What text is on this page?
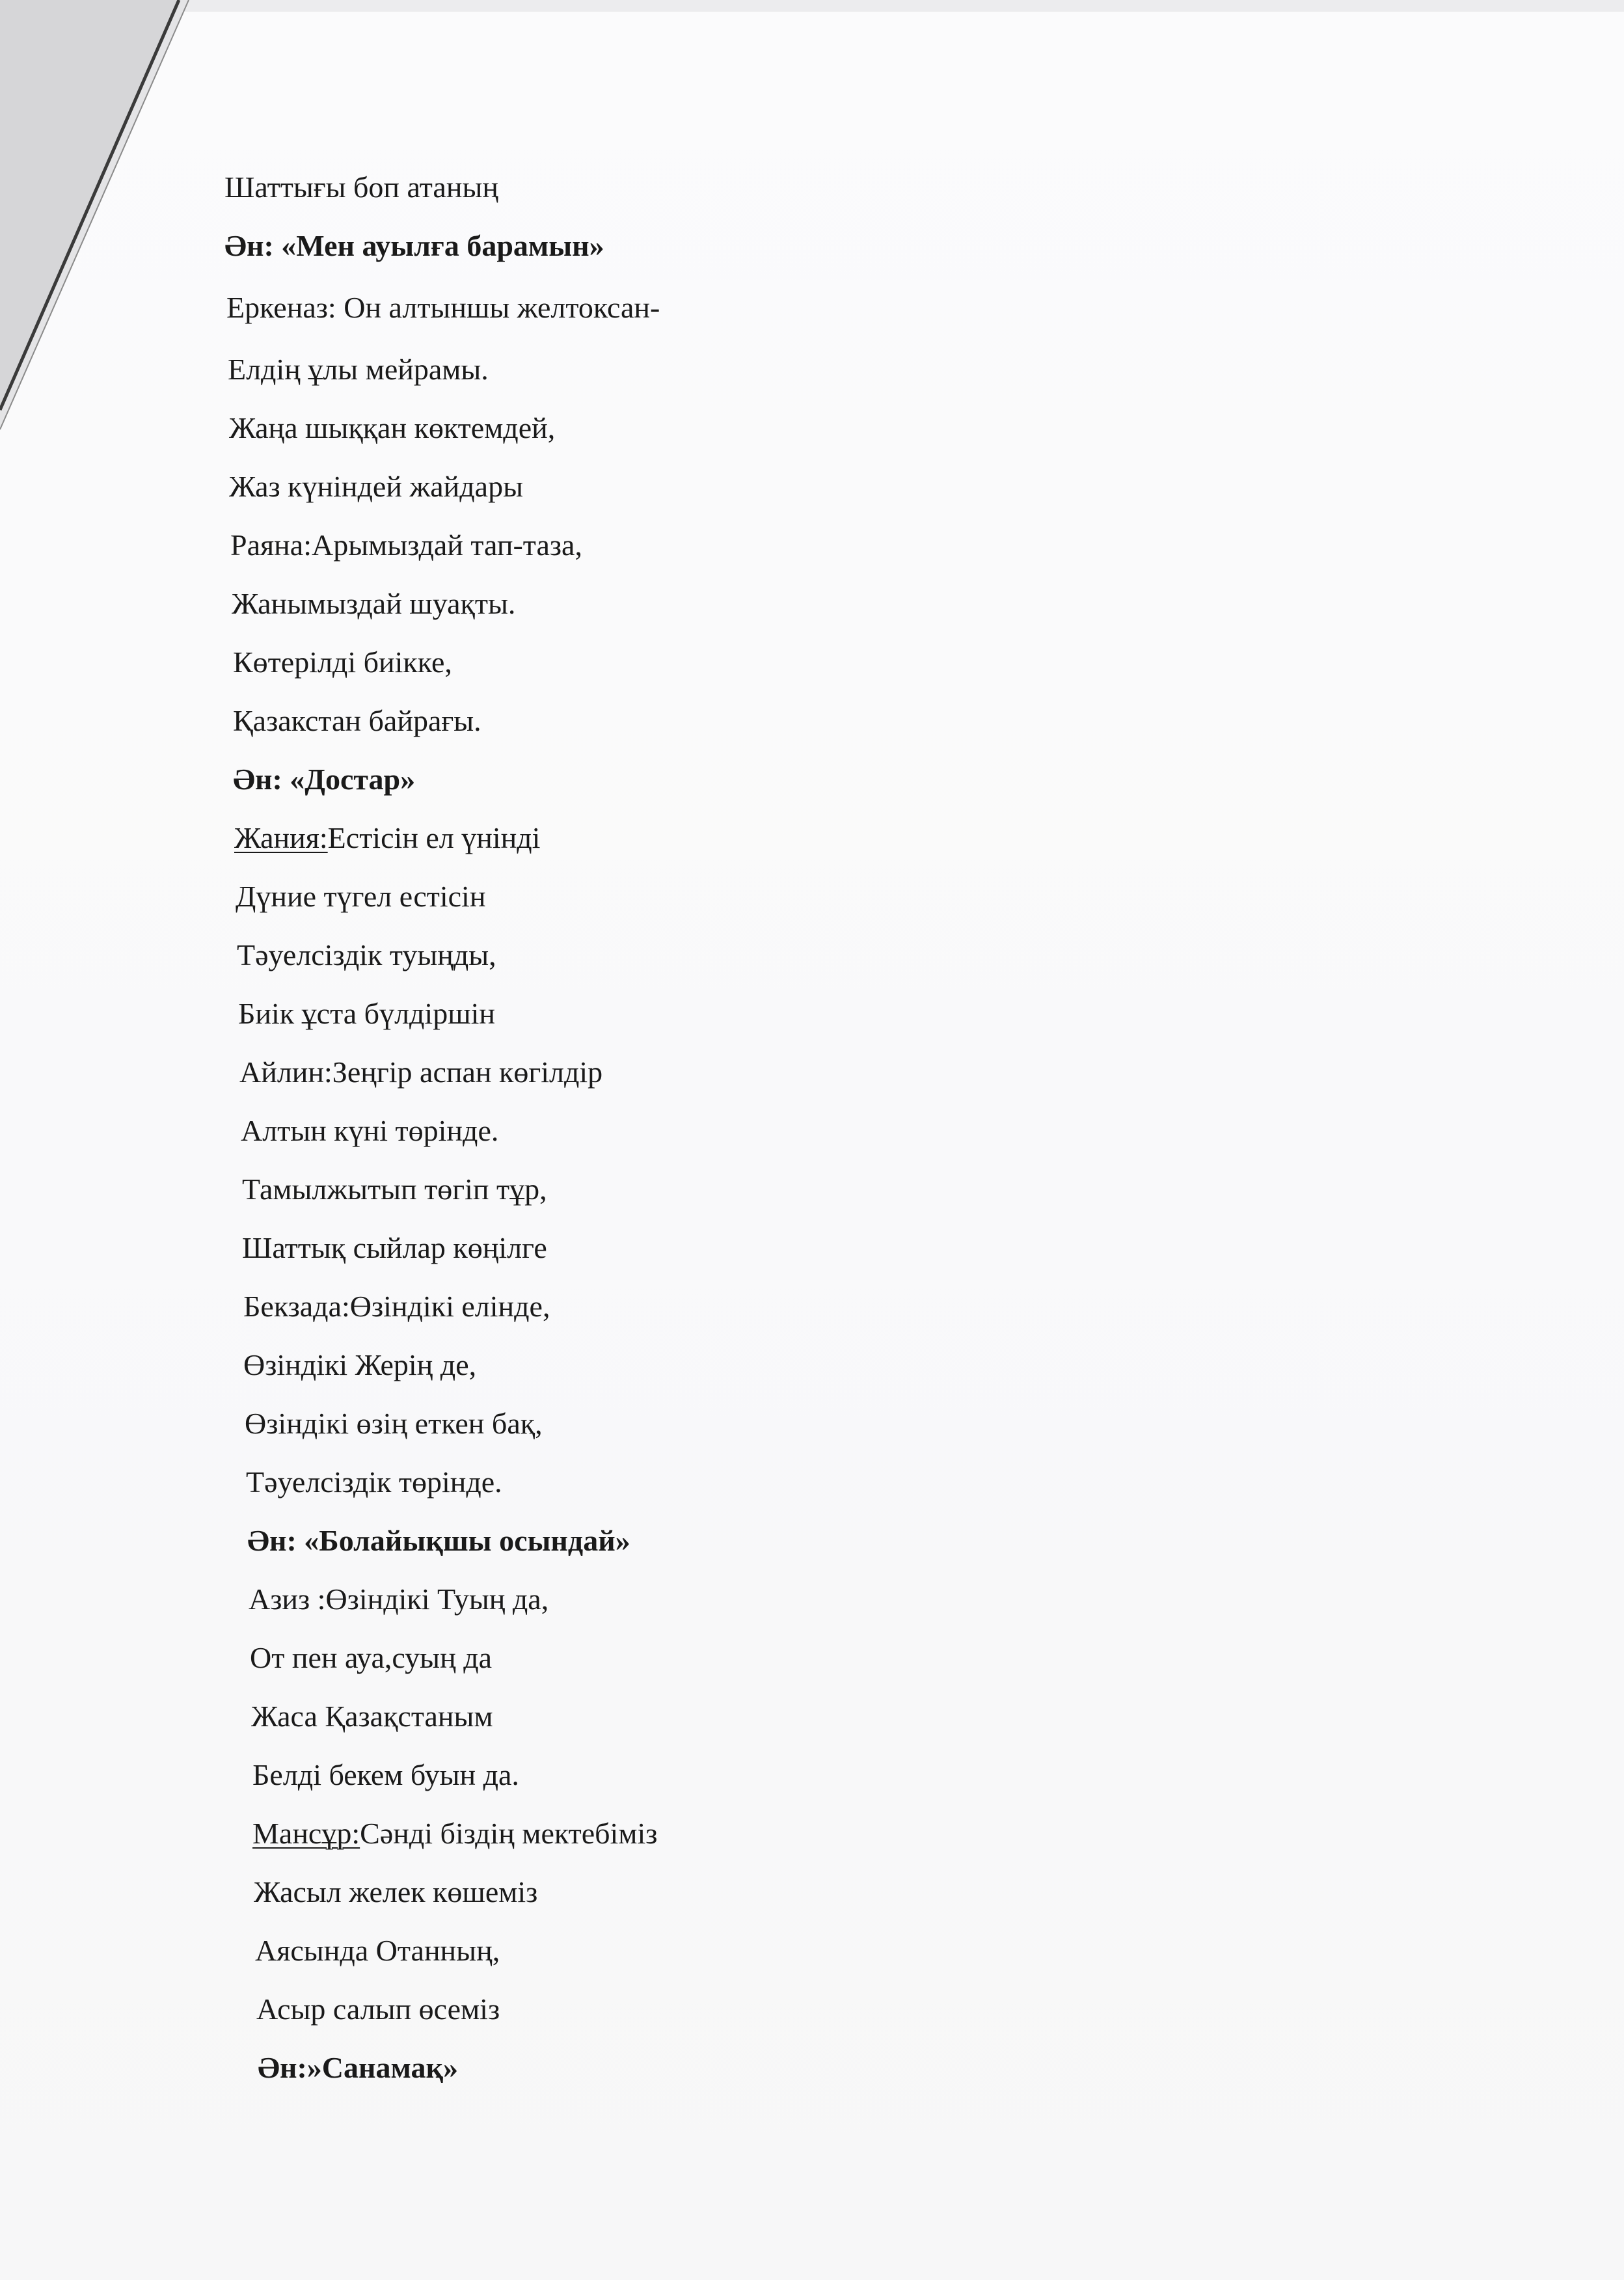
Шаттығы боп атаның
Ән: «Мен ауылға барамын»
Еркеназ: Он алтыншы желтоксан-
Елдің ұлы мейрамы.
Жаңа шыққан көктемдей,
Жаз күніндей жайдары
Раяна:Арымыздай тап-таза,
Жанымыздай шуақты.
Көтерілді биікке,
Қазакстан байрағы.
Ән: «Достар»
Жания:Естісін ел үнінді
Дүние түгел естісін
Тәуелсіздік туыңды,
Биік ұста бүлдіршін
Айлин:Зеңгір аспан көгілдір
Алтын күні төрінде.
Тамылжытып төгіп тұр,
Шаттық сыйлар көңілге
Бекзада:Өзіндікі елінде,
Өзіндікі Жерің де,
Өзіндікі өзің еткен бақ,
Тәуелсіздік төрінде.
Ән: «Болайықшы осындай»
Азиз :Өзіндікі Туың да,
От пен ауа,суың да
Жаса Қазақстаным
Белді бекем буын да.
Мансұр:Сәнді біздің мектебіміз
Жасыл желек көшеміз
Аясында Отанның,
Асыр салып өсеміз
Ән:»Санамақ»
